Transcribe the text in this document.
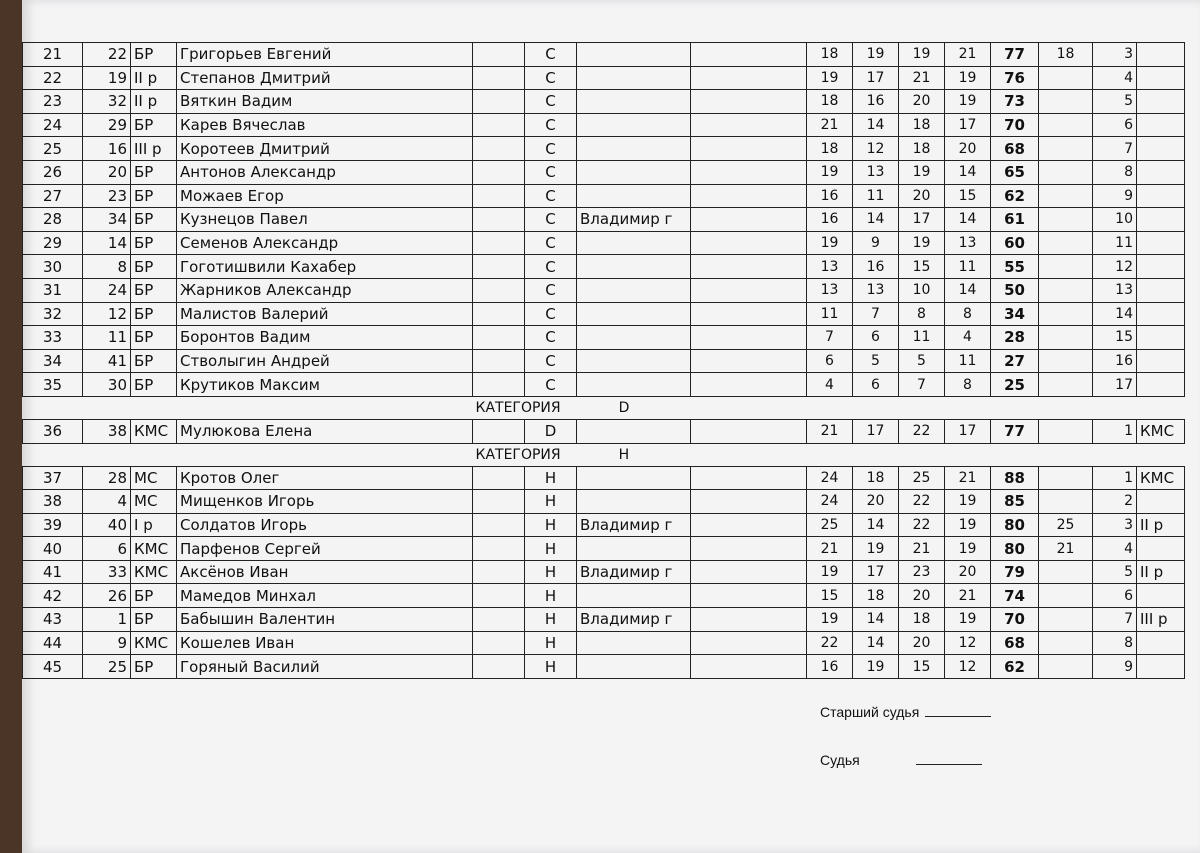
21	22	БР	Григорьев Евгений		С			18	19	19	21	77	18	3	
22	19	II р	Степанов Дмитрий		С			19	17	21	19	76		4	
23	32	II р	Вяткин Вадим		С			18	16	20	19	73		5	
24	29	БР	Карев Вячеслав		С			21	14	18	17	70		6	
25	16	III р	Коротеев Дмитрий		С			18	12	18	20	68		7	
26	20	БР	Антонов Александр		С			19	13	19	14	65		8	
27	23	БР	Можаев Егор		С			16	11	20	15	62		9	
28	34	БР	Кузнецов Павел		С	Владимир г		16	14	17	14	61		10	
29	14	БР	Семенов Александр		С			19	9	19	13	60		11	
30	8	БР	Гоготишвили Кахабер		С			13	16	15	11	55		12	
31	24	БР	Жарников Александр		С			13	13	10	14	50		13	
32	12	БР	Малистов Валерий		С			11	7	8	8	34		14	
33	11	БР	Боронтов Вадим		С			7	6	11	4	28		15	
34	41	БР	Стволыгин Андрей		С			6	5	5	11	27		16	
35	30	БР	Крутиков Максим		С			4	6	7	8	25		17	
				КАТЕГОРИЯ D											
36	38	КМС	Мулюкова Елена		D			21	17	22	17	77		1	КМС
				КАТЕГОРИЯ Н											
37	28	МС	Кротов Олег		Н			24	18	25	21	88		1	КМС
38	4	МС	Мищенков Игорь		Н			24	20	22	19	85		2	
39	40	I р	Солдатов Игорь		Н	Владимир г		25	14	22	19	80	25	3	II р
40	6	КМС	Парфенов Сергей		Н			21	19	21	19	80	21	4	
41	33	КМС	Аксёнов Иван		Н	Владимир г		19	17	23	20	79		5	II р
42	26	БР	Мамедов Минхал		Н			15	18	20	21	74		6	
43	1	БР	Бабышин Валентин		Н	Владимир г		19	14	18	19	70		7	III р
44	9	КМС	Кошелев Иван		Н			22	14	20	12	68		8	
45	25	БР	Горяный Василий		Н			16	19	15	12	62		9	
Старший судья
Судья
